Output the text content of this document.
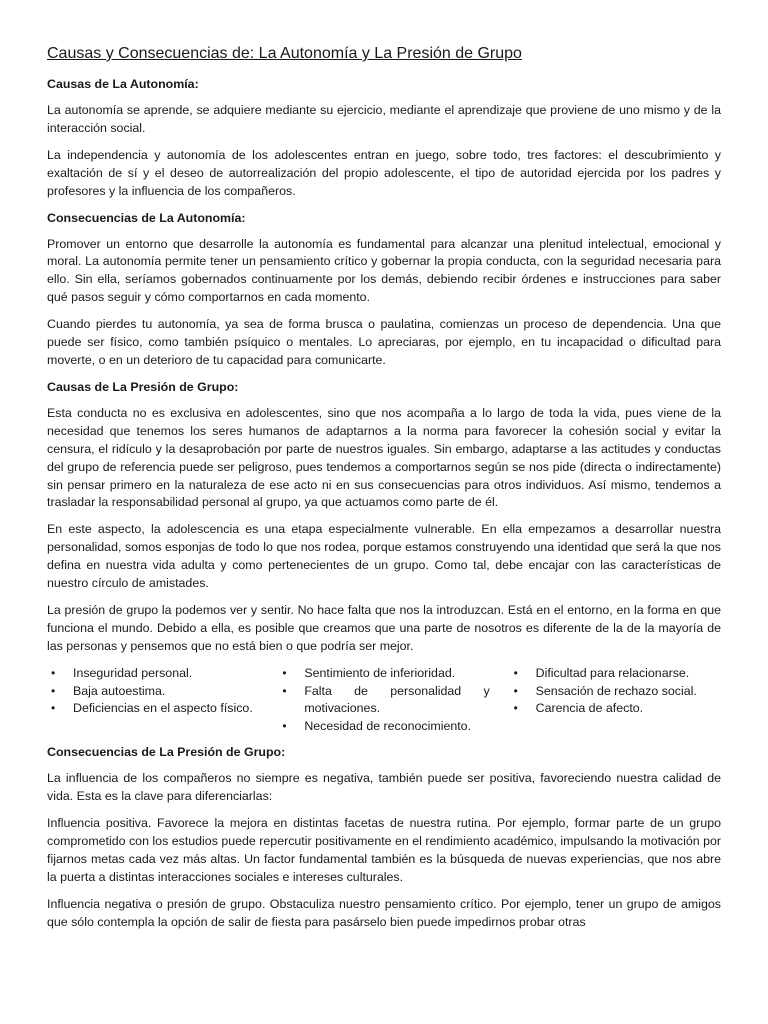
Causas y Consecuencias de: La Autonomía y La Presión de Grupo
Causas de La Autonomía:

La autonomía se aprende, se adquiere mediante su ejercicio, mediante el aprendizaje que proviene de uno mismo y de la interacción social.

La independencia y autonomía de los adolescentes entran en juego, sobre todo, tres factores: el descubrimiento y exaltación de sí y el deseo de autorrealización del propio adolescente, el tipo de autoridad ejercida por los padres y profesores y la influencia de los compañeros.

Consecuencias de La Autonomía:

Promover un entorno que desarrolle la autonomía es fundamental para alcanzar una plenitud intelectual, emocional y moral. La autonomía permite tener un pensamiento crítico y gobernar la propia conducta, con la seguridad necesaria para ello. Sin ella, seríamos gobernados continuamente por los demás, debiendo recibir órdenes e instrucciones para saber qué pasos seguir y cómo comportarnos en cada momento.

Cuando pierdes tu autonomía, ya sea de forma brusca o paulatina, comienzas un proceso de dependencia. Una que puede ser físico, como también psíquico o mentales. Lo apreciaras, por ejemplo, en tu incapacidad o dificultad para moverte, o en un deterioro de tu capacidad para comunicarte.

Causas de La Presión de Grupo:

Esta conducta no es exclusiva en adolescentes, sino que nos acompaña a lo largo de toda la vida, pues viene de la necesidad que tenemos los seres humanos de adaptarnos a la norma para favorecer la cohesión social y evitar la censura, el ridículo y la desaprobación por parte de nuestros iguales. Sin embargo, adaptarse a las actitudes y conductas del grupo de referencia puede ser peligroso, pues tendemos a comportarnos según se nos pide (directa o indirectamente) sin pensar primero en la naturaleza de ese acto ni en sus consecuencias para otros individuos. Así mismo, tendemos a trasladar la responsabilidad personal al grupo, ya que actuamos como parte de él.

En este aspecto, la adolescencia es una etapa especialmente vulnerable. En ella empezamos a desarrollar nuestra personalidad, somos esponjas de todo lo que nos rodea, porque estamos construyendo una identidad que será la que nos defina en nuestra vida adulta y como pertenecientes de un grupo. Como tal, debe encajar con las características de nuestro círculo de amistades.

La presión de grupo la podemos ver y sentir. No hace falta que nos la introduzcan. Está en el entorno, en la forma en que funciona el mundo. Debido a ella, es posible que creamos que una parte de nosotros es diferente de la de la mayoría de las personas y pensemos que no está bien o que podría ser mejor.

• Inseguridad personal.
• Baja autoestima.
• Deficiencias en el aspecto físico.
• Sentimiento de inferioridad.
• Falta de personalidad y motivaciones.
• Necesidad de reconocimiento.
• Dificultad para relacionarse.
• Sensación de rechazo social.
• Carencia de afecto.
Consecuencias de La Presión de Grupo:

La influencia de los compañeros no siempre es negativa, también puede ser positiva, favoreciendo nuestra calidad de vida. Esta es la clave para diferenciarlas:

Influencia positiva. Favorece la mejora en distintas facetas de nuestra rutina. Por ejemplo, formar parte de un grupo comprometido con los estudios puede repercutir positivamente en el rendimiento académico, impulsando la motivación por fijarnos metas cada vez más altas. Un factor fundamental también es la búsqueda de nuevas experiencias, que nos abre la puerta a distintas interacciones sociales e intereses culturales.

Influencia negativa o presión de grupo. Obstaculiza nuestro pensamiento crítico. Por ejemplo, tener un grupo de amigos que sólo contempla la opción de salir de fiesta para pasárselo bien puede impedirnos probar otras
